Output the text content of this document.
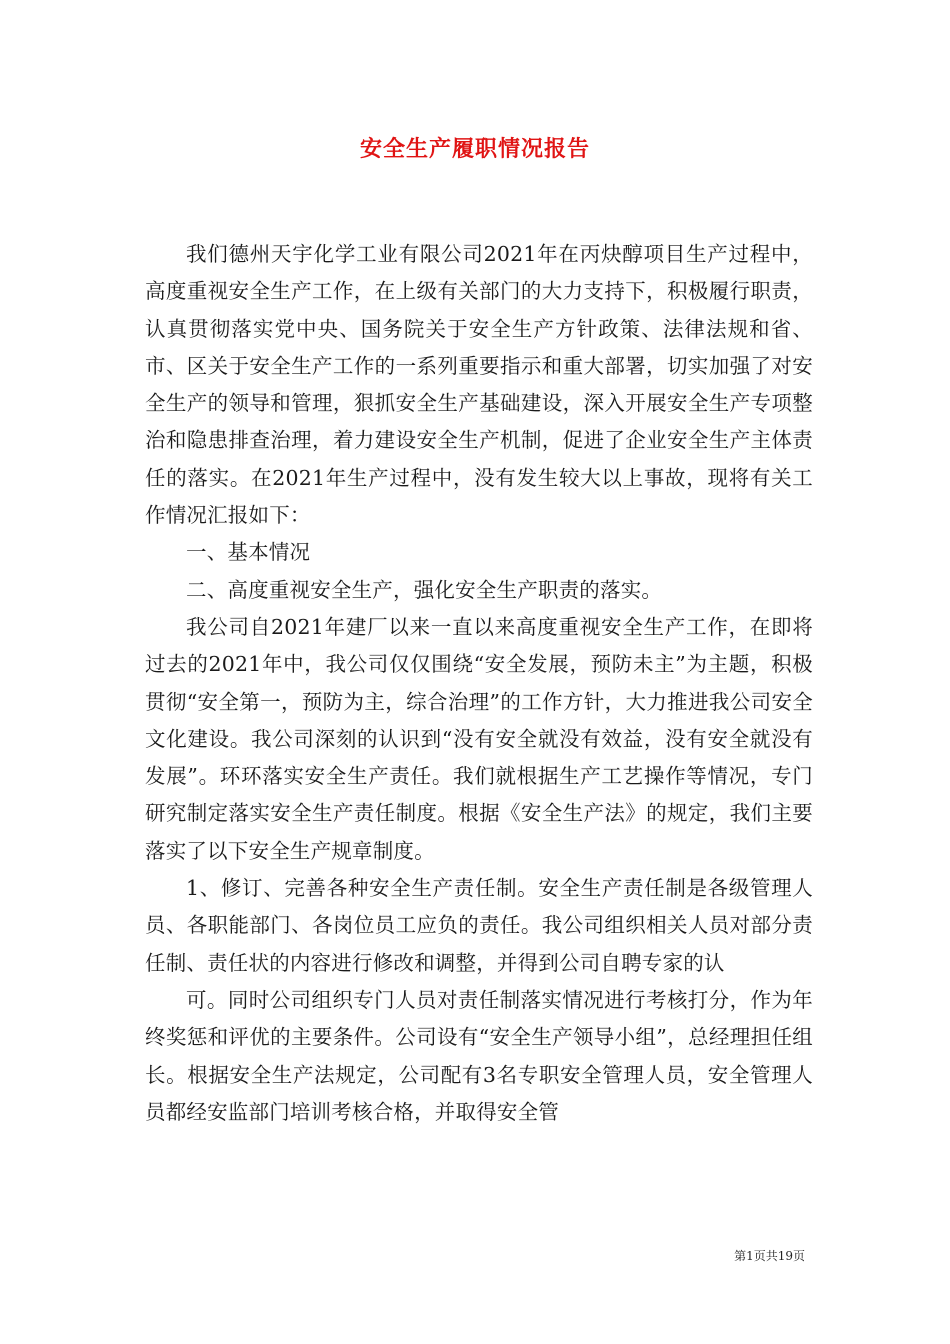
安全生产履职情况报告

我们德州天宇化学工业有限公司2021年在丙炔醇项目生产过程中，高度重视安全生产工作，在上级有关部门的大力支持下，积极履行职责，认真贯彻落实党中央、国务院关于安全生产方针政策、法律法规和省、市、区关于安全生产工作的一系列重要指示和重大部署，切实加强了对安全生产的领导和管理，狠抓安全生产基础建设，深入开展安全生产专项整治和隐患排查治理，着力建设安全生产机制，促进了企业安全生产主体责任的落实。在2021年生产过程中，没有发生较大以上事故，现将有关工作情况汇报如下：

一、基本情况

二、高度重视安全生产，强化安全生产职责的落实。

我公司自2021年建厂以来一直以来高度重视安全生产工作，在即将过去的2021年中，我公司仅仅围绕“安全发展，预防未主”为主题，积极贯彻“安全第一，预防为主，综合治理”的工作方针，大力推进我公司安全文化建设。我公司深刻的认识到“没有安全就没有效益，没有安全就没有发展”。环环落实安全生产责任。我们就根据生产工艺操作等情况，专门研究制定落实安全生产责任制度。根据《安全生产法》的规定，我们主要落实了以下安全生产规章制度。

1、修订、完善各种安全生产责任制。安全生产责任制是各级管理人员、各职能部门、各岗位员工应负的责任。我公司组织相关人员对部分责任制、责任状的内容进行修改和调整，并得到公司自聘专家的认

可。同时公司组织专门人员对责任制落实情况进行考核打分，作为年终奖惩和评优的主要条件。公司设有“安全生产领导小组”，总经理担任组长。根据安全生产法规定，公司配有3名专职安全管理人员，安全管理人员都经安监部门培训考核合格，并取得安全管

第1页共19页
